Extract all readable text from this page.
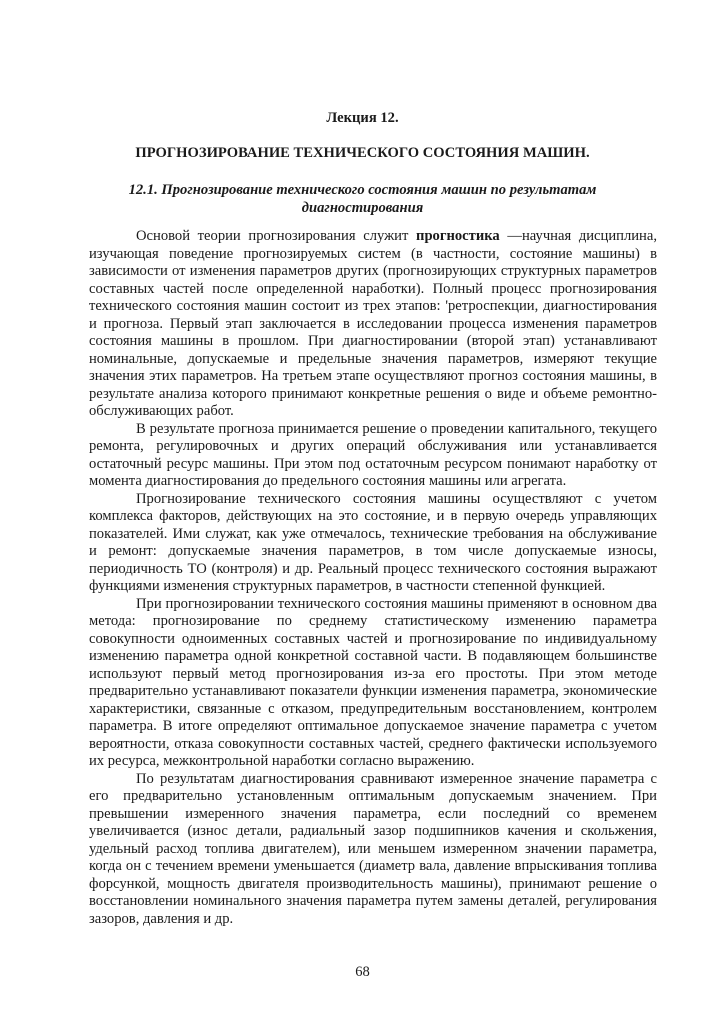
Лекция 12.
ПРОГНОЗИРОВАНИЕ ТЕХНИЧЕСКОГО СОСТОЯНИЯ МАШИН.
12.1. Прогнозирование технического состояния машин по результатам
диагностирования
Основой теории прогнозирования служит прогностика —научная дисциплина,
изучающая поведение прогнозируемых систем (в частности, состояние машины) в
зависимости от изменения параметров других (прогнозирующих структурных параметров
составных частей после определенной наработки). Полный процесс прогнозирования
технического состояния машин состоит из трех этапов: 'ретроспекции, диагностирования
и прогноза. Первый этап заключается в исследовании процесса изменения параметров
состояния машины в прошлом. При диагностировании (второй этап) устанавливают
номинальные, допускаемые и предельные значения параметров, измеряют текущие
значения этих параметров. На третьем этапе осуществляют прогноз состояния машины, в
результате анализа которого принимают конкретные решения о виде и объеме ремонтно-
обслуживающих работ.
В результате прогноза принимается решение о проведении капитального, текущего
ремонта, регулировочных и других операций обслуживания или устанавливается
остаточный ресурс машины. При этом под остаточным ресурсом понимают наработку от
момента диагностирования до предельного состояния машины или агрегата.
Прогнозирование технического состояния машины осуществляют с учетом
комплекса факторов, действующих на это состояние, и в первую очередь управляющих
показателей. Ими служат, как уже отмечалось, технические требования на обслуживание
и ремонт: допускаемые значения параметров, в том числе допускаемые износы,
периодичность ТО (контроля) и др. Реальный процесс технического состояния выражают
функциями изменения структурных параметров, в частности степенной функцией.
При прогнозировании технического состояния машины применяют в основном два
метода: прогнозирование по среднему статистическому изменению параметра
совокупности одноименных составных частей и прогнозирование по индивидуальному
изменению параметра одной конкретной составной части. В подавляющем большинстве
используют первый метод прогнозирования из-за его простоты. При этом методе
предварительно устанавливают показатели функции изменения параметра, экономические
характеристики, связанные с отказом, предупредительным восстановлением, контролем
параметра. В итоге определяют оптимальное допускаемое значение параметра с учетом
вероятности, отказа совокупности составных частей, среднего фактически используемого
их ресурса, межконтрольной наработки согласно выражению.
По результатам диагностирования сравнивают измеренное значение параметра с
его предварительно установленным оптимальным допускаемым значением. При
превышении измеренного значения параметра, если последний со временем
увеличивается (износ детали, радиальный зазор подшипников качения и скольжения,
удельный расход топлива двигателем), или меньшем измеренном значении параметра,
когда он с течением времени уменьшается (диаметр вала, давление впрыскивания топлива
форсункой, мощность двигателя производительность машины), принимают решение о
восстановлении номинального значения параметра путем замены деталей, регулирования
зазоров, давления и др.
68
